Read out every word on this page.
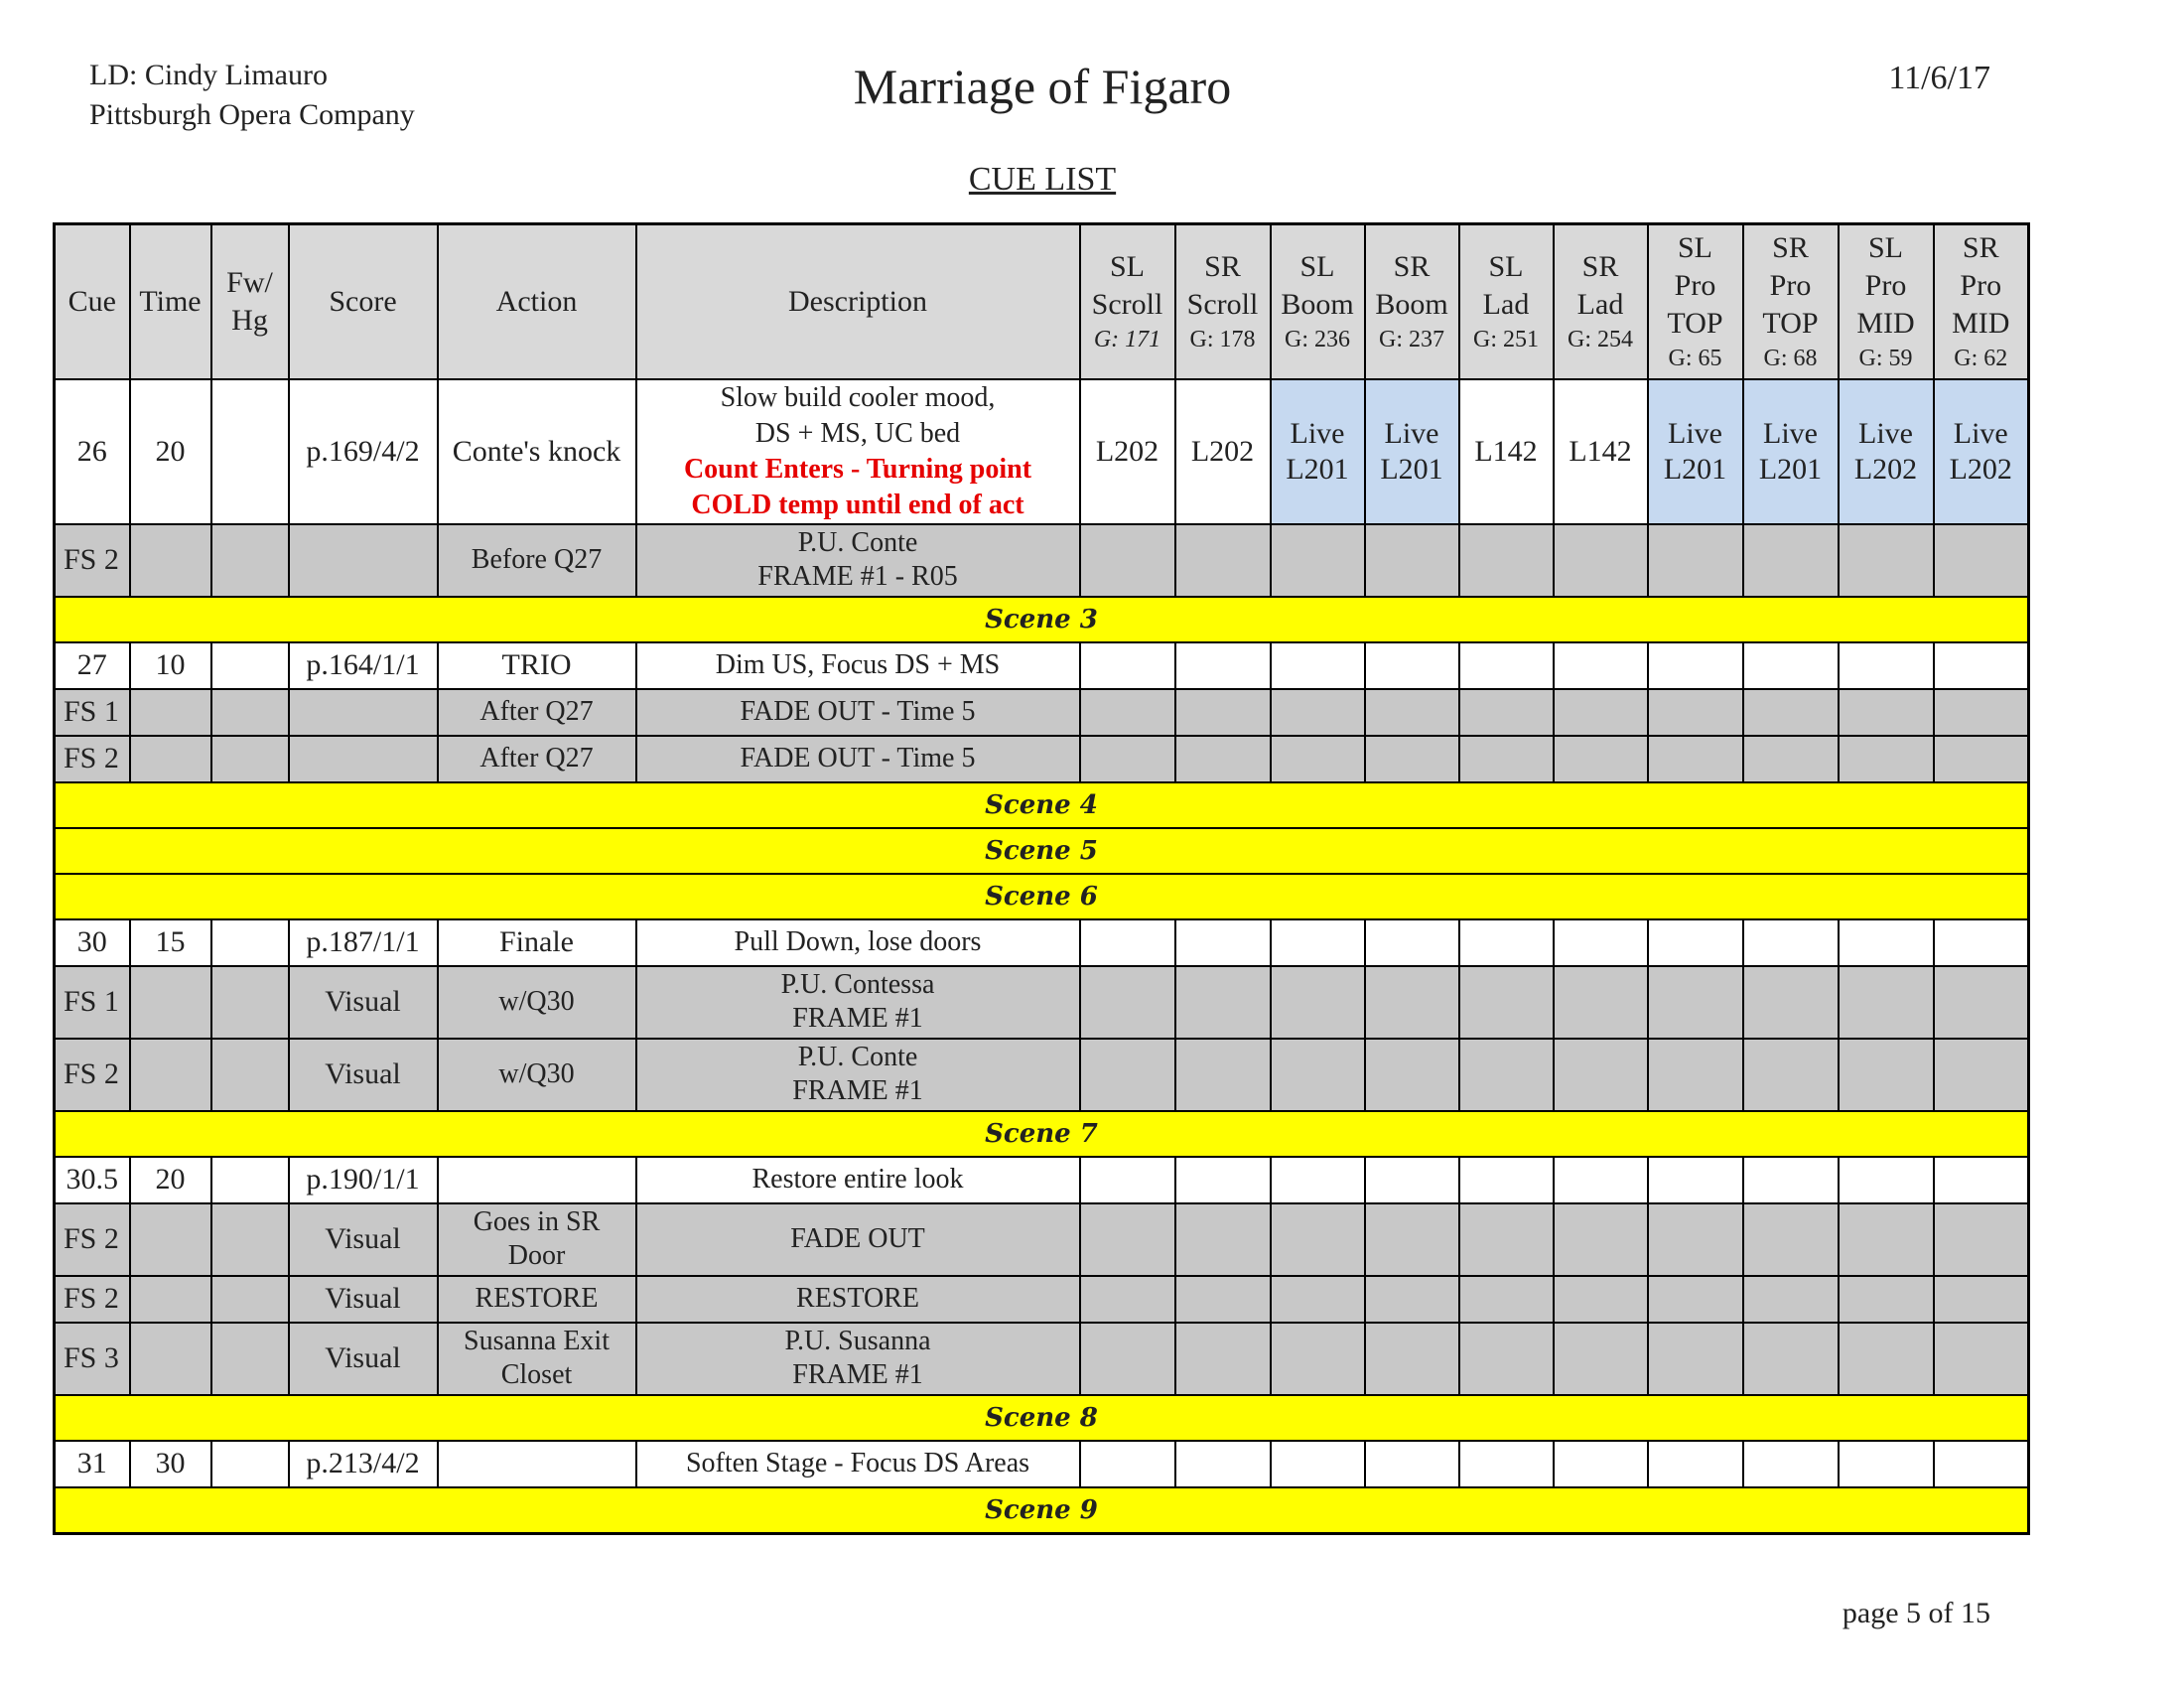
LD: Cindy Limauro
Pittsburgh Opera Company
Marriage of Figaro	11/6/17
CUE LIST
Cue	Time	Fw/
Hg	Score	Action	Description	SL
Scroll
G: 171	SR
Scroll
G: 178	SL
Boom
G: 236	SR
Boom
G: 237	SL
Lad
G: 251	SR
Lad
G: 254	SL
Pro
TOP
G: 65	SR
Pro
TOP
G: 68	SL
Pro
MID
G: 59	SR
Pro
MID
G: 62

26	20		p.169/4/2	Conte's knock	Slow build cooler mood,
DS + MS, UC bed
Count Enters - Turning point
COLD temp until end of act	L202	L202	Live
L201	Live
L201	L142	L142	Live
L201	Live
L201	Live
L202	Live
L202

FS 2				Before Q27	P.U. Conte
FRAME #1 - R05										

Scene 3															
27	10		p.164/1/1	TRIO	Dim US, Focus DS + MS										
FS 1				After Q27	FADE OUT - Time 5										
FS 2				After Q27	FADE OUT - Time 5										
Scene 4															
Scene 5															
Scene 6															
30	15		p.187/1/1	Finale	Pull Down, lose doors										
FS 1			Visual	w/Q30	P.U. Contessa
FRAME #1										

FS 2			Visual	w/Q30	P.U. Conte
FRAME #1										

Scene 7															
30.5	20		p.190/1/1		Restore entire look										
FS 2			Visual	Goes in SR
Door	FADE OUT										
FS 2			Visual	RESTORE	RESTORE										
FS 3			Visual	Susanna Exit
Closet	P.U. Susanna
FRAME #1										

Scene 8															
31	30		p.213/4/2		Soften Stage - Focus DS Areas										
Scene 9															
page 5 of 15
